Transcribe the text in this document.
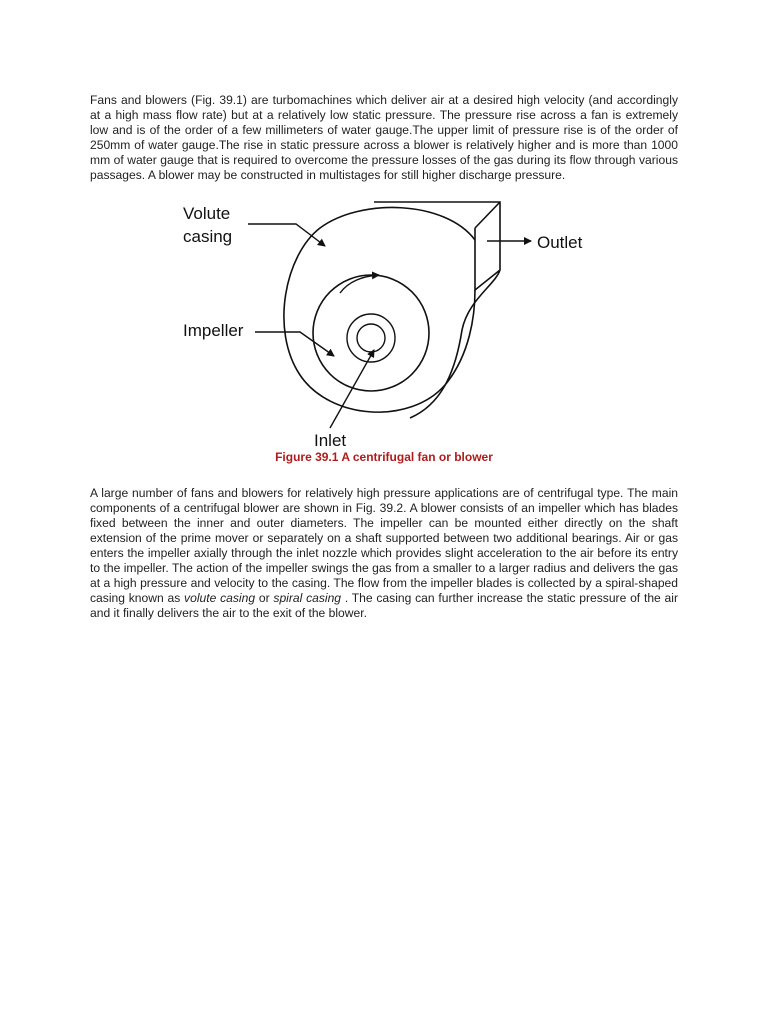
Fans and blowers (Fig. 39.1) are turbomachines which deliver air at a desired high velocity (and accordingly at a high mass flow rate) but at a relatively low static pressure. The pressure rise across a fan is extremely low and is of the order of a few millimeters of water gauge.The upper limit of pressure rise is of the order of 250mm of water gauge.The rise in static pressure across a blower is relatively higher and is more than 1000 mm of water gauge that is required to overcome the pressure losses of the gas during its flow through various passages. A blower may be constructed in multistages for still higher discharge pressure.

Volute
casing	Outlet
Impeller
Inlet
Figure 39.1 A centrifugal fan or blower

A large number of fans and blowers for relatively high pressure applications are of centrifugal type. The main components of a centrifugal blower are shown in Fig. 39.2. A blower consists of an impeller which has blades fixed between the inner and outer diameters. The impeller can be mounted either directly on the shaft extension of the prime mover or separately on a shaft supported between two additional bearings. Air or gas enters the impeller axially through the inlet nozzle which provides slight acceleration to the air before its entry to the impeller. The action of the impeller swings the gas from a smaller to a larger radius and delivers the gas at a high pressure and velocity to the casing. The flow from the impeller blades is collected by a spiral-shaped casing known as volute casing or spiral casing . The casing can further increase the static pressure of the air and it finally delivers the air to the exit of the blower.
